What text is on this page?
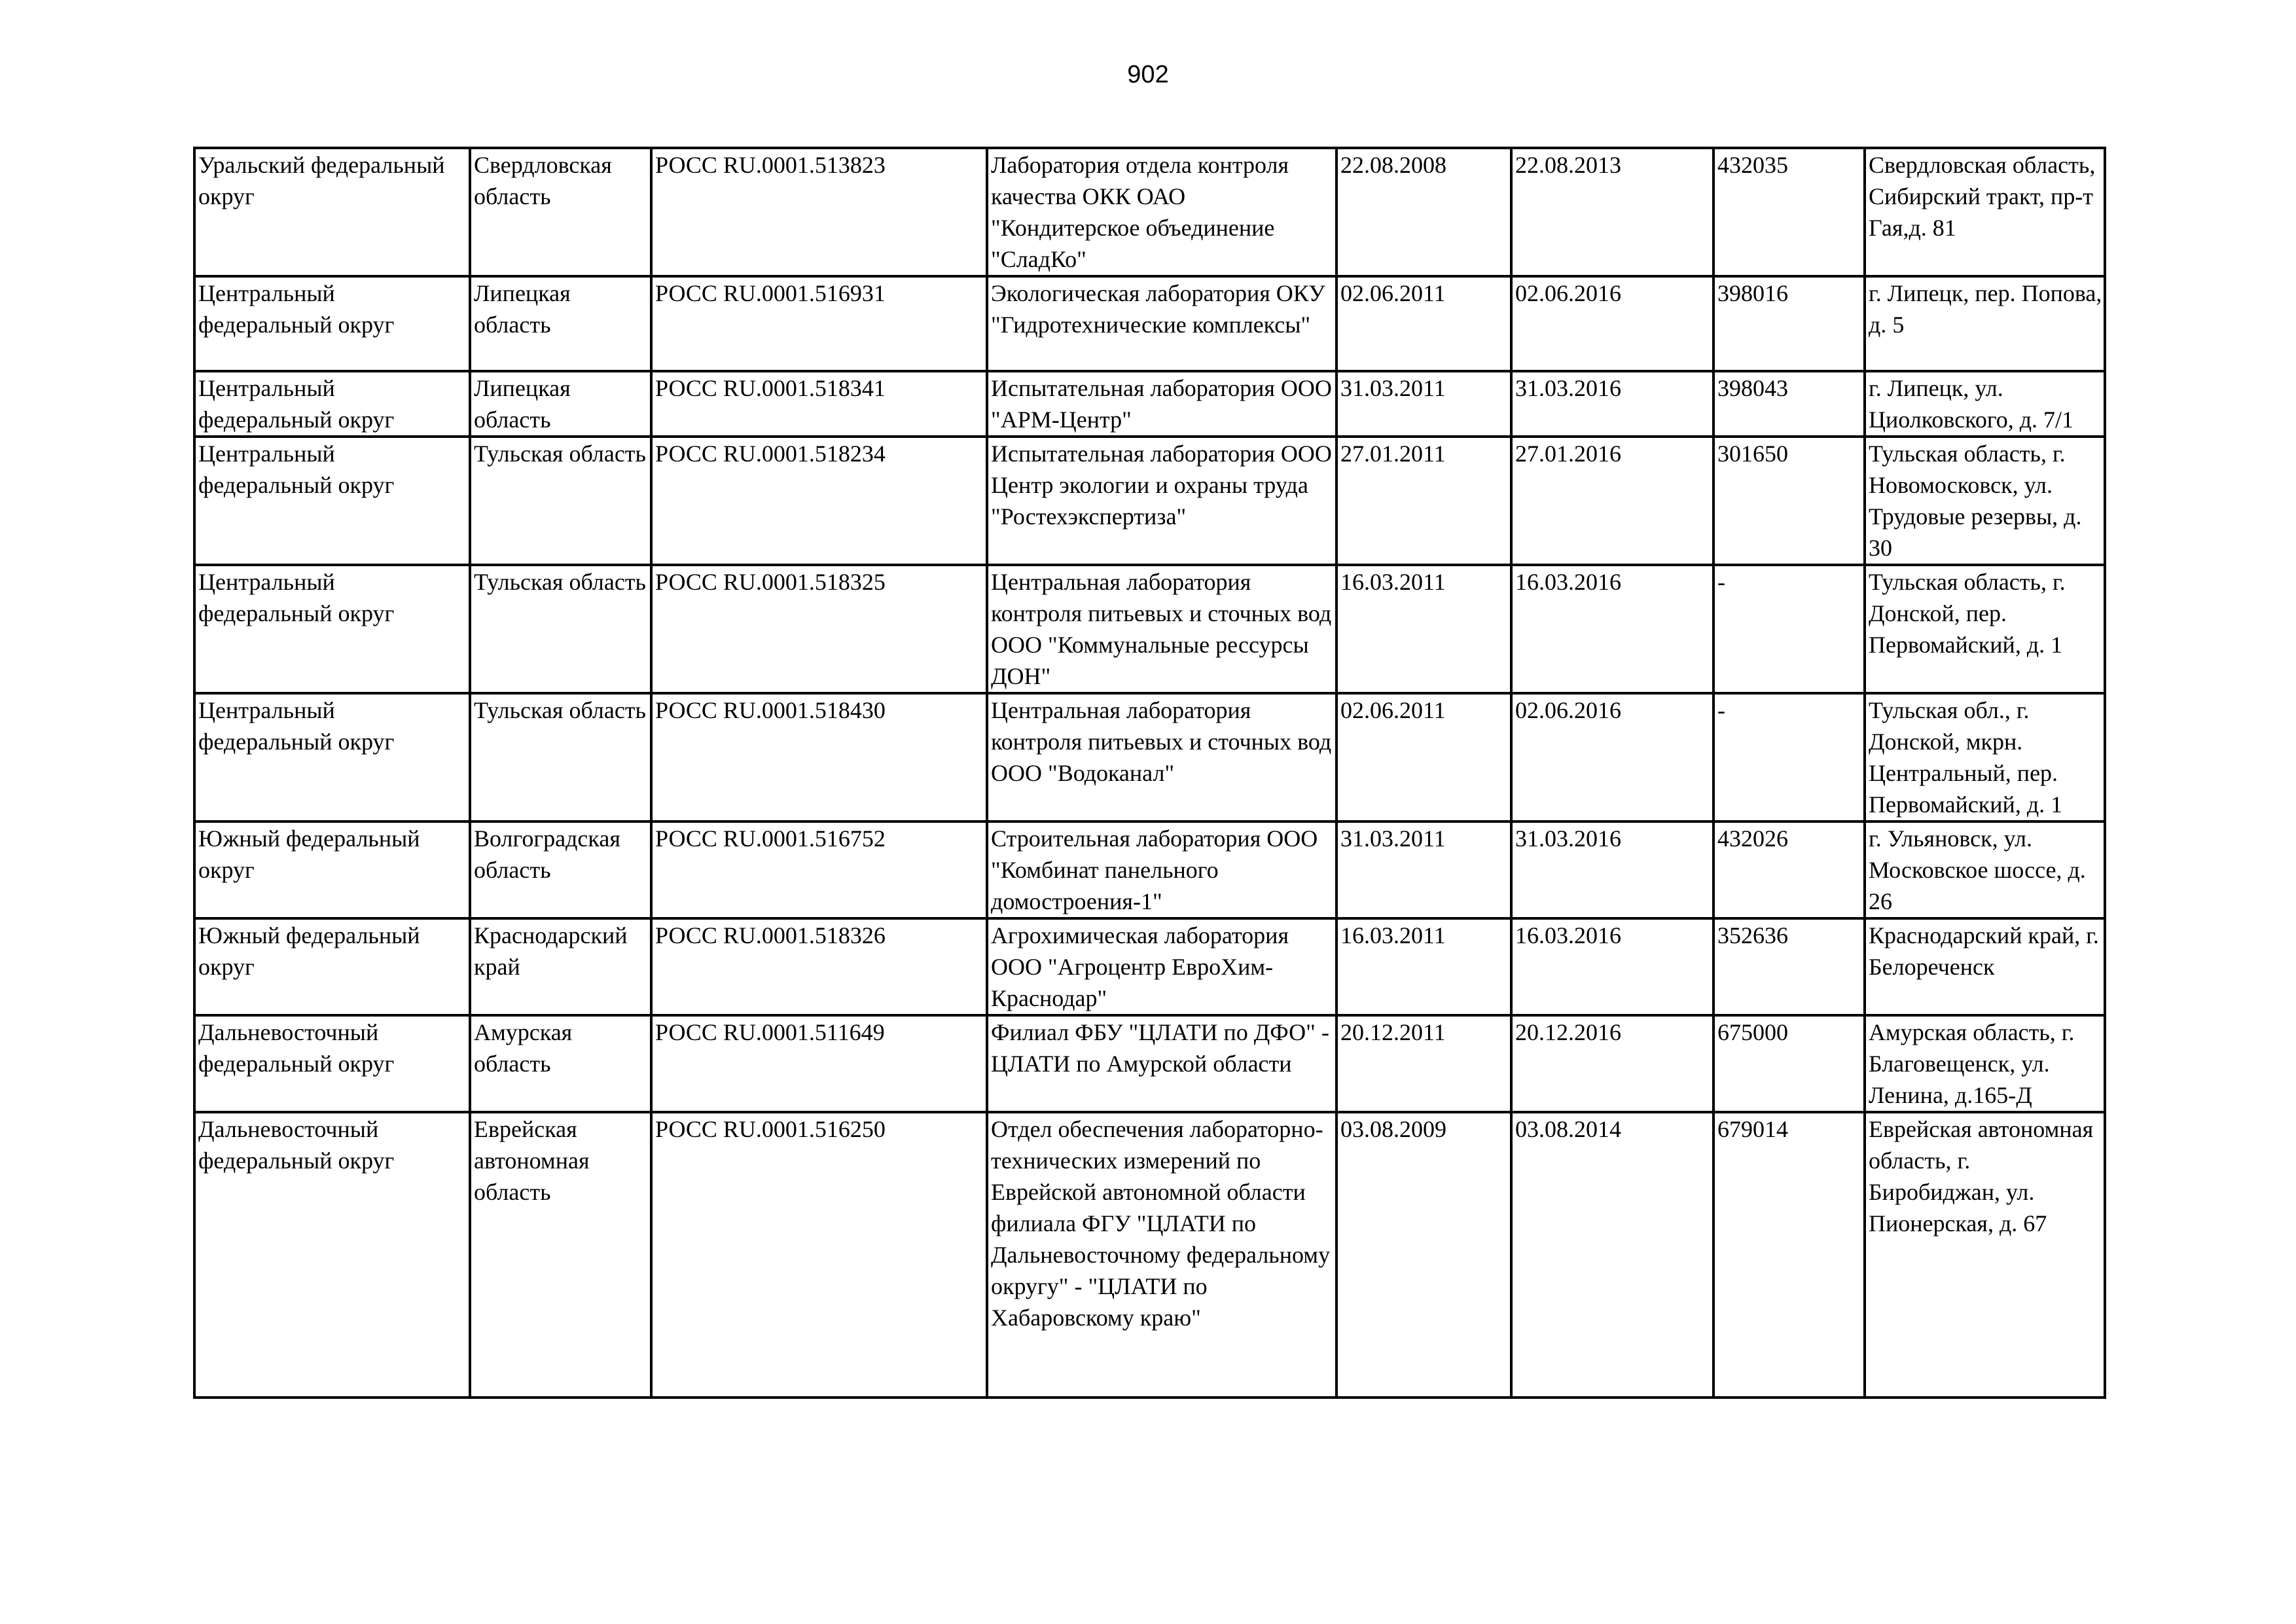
902
Уральский федеральный округ	Свердловская область	РОСС RU.0001.513823	Лаборатория отдела контроля качества ОКК ОАО "Кондитерское объединение "СладКо"	22.08.2008	22.08.2013	432035	Свердловская область, Сибирский тракт, пр-т Гая,д. 81
Центральный федеральный округ	Липецкая область	РОСС RU.0001.516931	Экологическая лаборатория ОКУ "Гидротехнические комплексы"	02.06.2011	02.06.2016	398016	г. Липецк, пер. Попова, д. 5
Центральный федеральный округ	Липецкая область	РОСС RU.0001.518341	Испытательная лаборатория ООО "АРМ-Центр"	31.03.2011	31.03.2016	398043	г. Липецк, ул. Циолковского, д. 7/1
Центральный федеральный округ	Тульская область	РОСС RU.0001.518234	Испытательная лаборатория ООО Центр экологии и охраны труда "Ростехэкспертиза"	27.01.2011	27.01.2016	301650	Тульская область, г. Новомосковск, ул. Трудовые резервы, д. 30
Центральный федеральный округ	Тульская область	РОСС RU.0001.518325	Центральная лаборатория контроля питьевых и сточных вод ООО "Коммунальные рессурсы ДОН"	16.03.2011	16.03.2016	-	Тульская область, г. Донской, пер. Первомайский, д. 1
Центральный федеральный округ	Тульская область	РОСС RU.0001.518430	Центральная лаборатория контроля питьевых и сточных вод ООО "Водоканал"	02.06.2011	02.06.2016	-	Тульская обл., г. Донской, мкрн. Центральный, пер. Первомайский, д. 1
Южный федеральный округ	Волгоградская область	РОСС RU.0001.516752	Строительная лаборатория ООО "Комбинат панельного домостроения-1"	31.03.2011	31.03.2016	432026	г. Ульяновск, ул. Московское шоссе, д. 26
Южный федеральный округ	Краснодарский край	РОСС RU.0001.518326	Агрохимическая лаборатория ООО "Агроцентр ЕвроХим-Краснодар"	16.03.2011	16.03.2016	352636	Краснодарский край, г. Белореченск
Дальневосточный федеральный округ	Амурская область	РОСС RU.0001.511649	Филиал ФБУ "ЦЛАТИ по ДФО" - ЦЛАТИ по Амурской области	20.12.2011	20.12.2016	675000	Амурская область, г. Благовещенск, ул. Ленина, д.165-Д
Дальневосточный федеральный округ	Еврейская автономная область	РОСС RU.0001.516250	Отдел обеспечения лабораторно-технических измерений по Еврейской автономной области филиала ФГУ "ЦЛАТИ по Дальневосточному федеральному округу" - "ЦЛАТИ по Хабаровскому краю"	03.08.2009	03.08.2014	679014	Еврейская автономная область, г. Биробиджан, ул. Пионерская, д. 67
